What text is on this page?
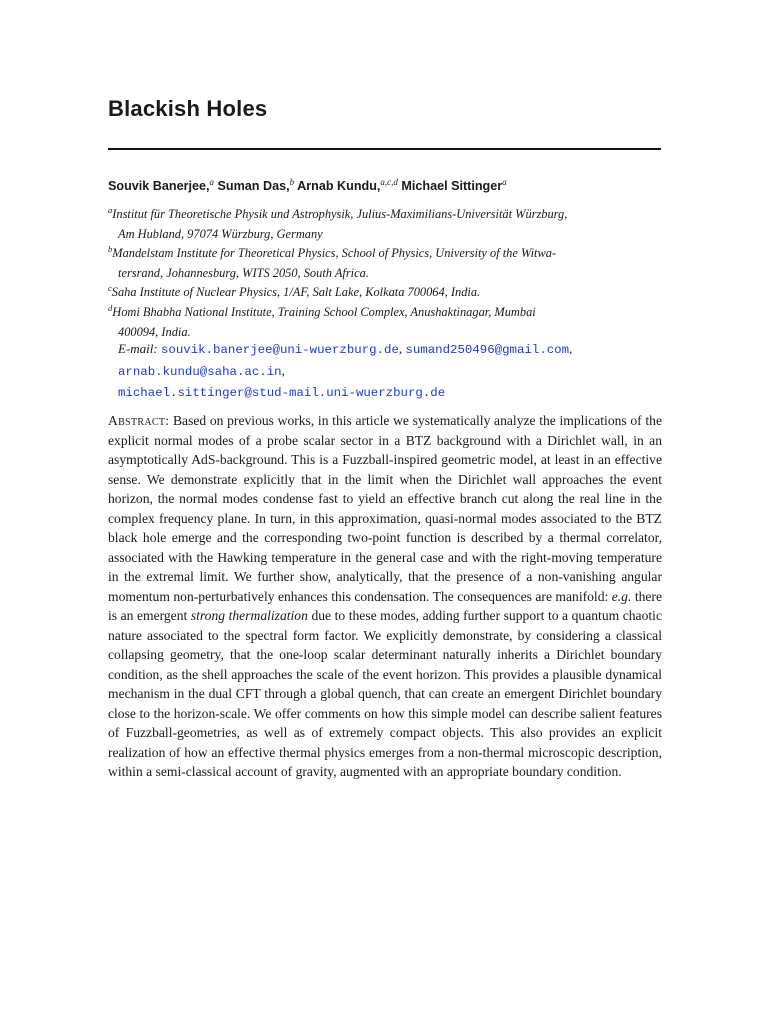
Blackish Holes
Souvik Banerjee,$^a$ Suman Das,$^b$ Arnab Kundu,$^{a,c,d}$ Michael Sittinger$^a$
$^a$Institut für Theoretische Physik und Astrophysik, Julius-Maximilians-Universität Würzburg,
Am Hubland, 97074 Würzburg, Germany
$^b$Mandelstam Institute for Theoretical Physics, School of Physics, University of the Witwa-
tersrand, Johannesburg, WITS 2050, South Africa.
$^c$Saha Institute of Nuclear Physics, 1/AF, Salt Lake, Kolkata 700064, India.
$^d$Homi Bhabha National Institute, Training School Complex, Anushaktinagar, Mumbai
400094, India.
E-mail: souvik.banerjee@uni-wuerzburg.de, sumand250496@gmail.com,
arnab.kundu@saha.ac.in,
michael.sittinger@stud-mail.uni-wuerzburg.de
Abstract: Based on previous works, in this article we systematically analyze the implications of the explicit normal modes of a probe scalar sector in a BTZ background with a Dirichlet wall, in an asymptotically AdS-background. This is a Fuzzball-inspired geometric model, at least in an effective sense. We demonstrate explicitly that in the limit when the Dirichlet wall approaches the event horizon, the normal modes condense fast to yield an effective branch cut along the real line in the complex frequency plane. In turn, in this approximation, quasi-normal modes associated to the BTZ black hole emerge and the corresponding two-point function is described by a thermal correlator, associated with the Hawking temperature in the general case and with the right-moving temperature in the extremal limit. We further show, analytically, that the presence of a non-vanishing angular momentum non-perturbatively enhances this condensation. The consequences are manifold: e.g. there is an emergent strong thermalization due to these modes, adding further support to a quantum chaotic nature associated to the spectral form factor. We explicitly demonstrate, by considering a classical collapsing geometry, that the one-loop scalar determinant naturally inherits a Dirichlet boundary condition, as the shell approaches the scale of the event horizon. This provides a plausible dynamical mechanism in the dual CFT through a global quench, that can create an emergent Dirichlet boundary close to the horizon-scale. We offer comments on how this simple model can describe salient features of Fuzzball-geometries, as well as of extremely compact objects. This also provides an explicit realization of how an effective thermal physics emerges from a non-thermal microscopic description, within a semi-classical account of gravity, augmented with an appropriate boundary condition.
